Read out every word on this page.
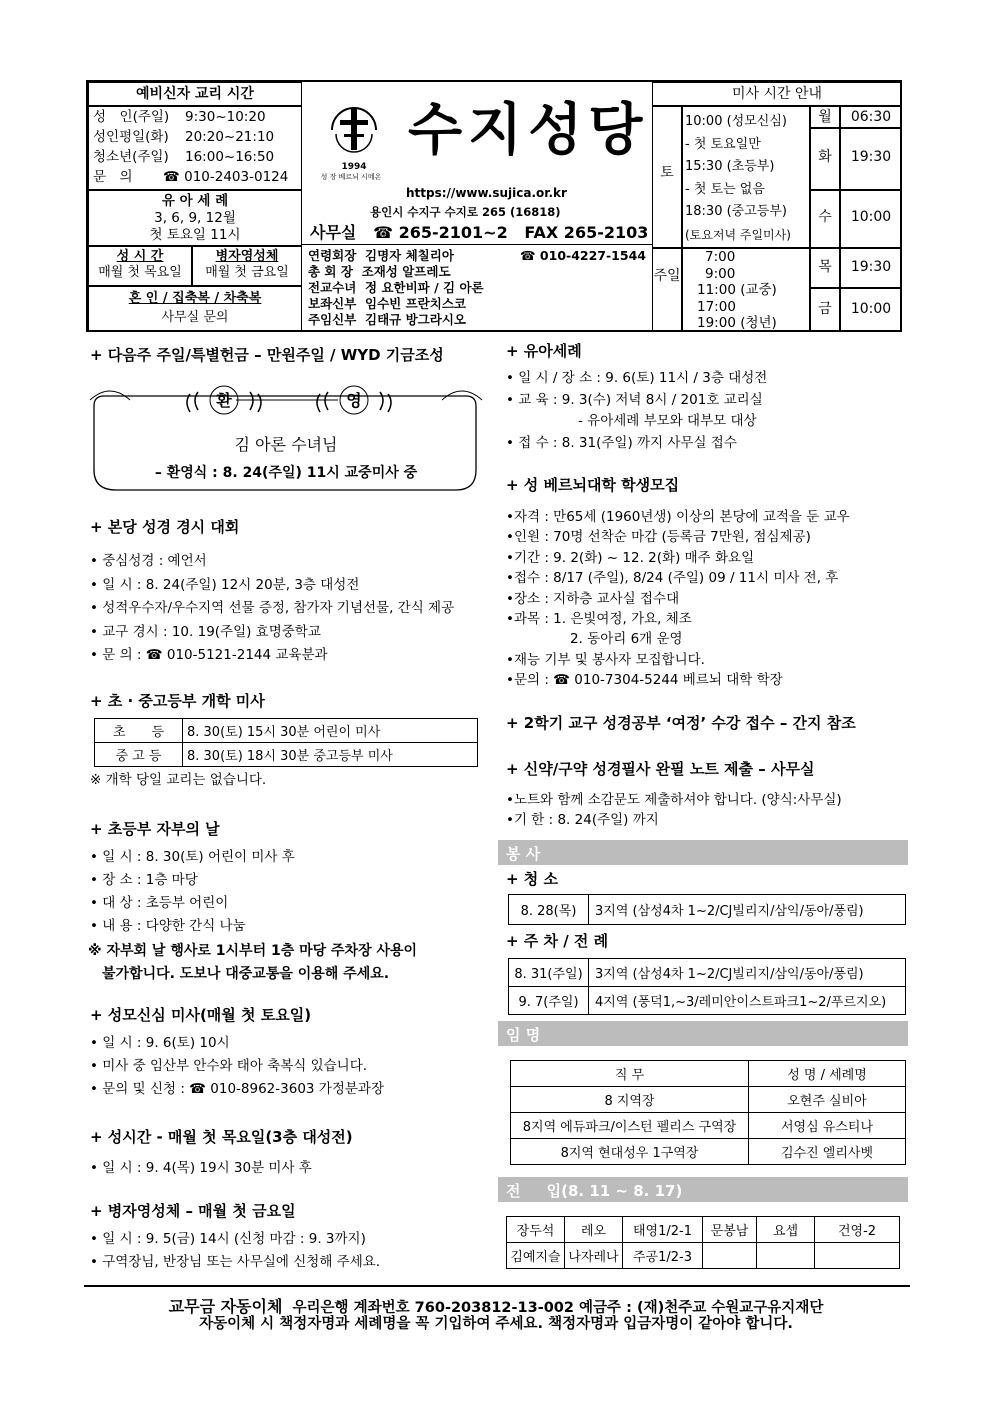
예비신자 교리 시간
성　인(주일)	9:30~10:20
성인평일(화)	20:20~21:10
청소년(주일)	16:00~16:50
문　의	☎ 010-2403-0124
유 아 세 례
3, 6, 9, 12월
첫 토요일 11시
성 시 간
매월 첫 목요일
병자영성체
매월 첫 금요일
혼 인 / 집축복 / 차축복
사무실 문의
1994
성 장 베르뇌 시메온
수지성당
https://www.sujica.or.kr
용인시 수지구 수지로 265 (16818)
사무실 ☎ 265-2101~2 FAX 265-2103
연령회장 김명자 체칠리아
총 회 장 조재성 알프레도
전교수녀 정 요한비파 / 김 아론
보좌신부 임수빈 프란치스코
주임신부 김태규 방그라시오
☎ 010-4227-1544
미사 시간 안내
토
10:00 (성모신심)
- 첫 토요일만
15:30 (초등부)
- 첫 토는 없음
18:30 (중고등부)
(토요저녁 주일미사)
주일
7:00
9:00
11:00 (교중)
17:00
19:00 (청년)
월	06:30
화	19:30
수	10:00
목	19:30
금	10:00
+ 다음주 주일/특별헌금 – 만원주일 / WYD 기금조성
환	영
김 아론 수녀님
– 환영식 : 8. 24(주일) 11시 교중미사 중
+ 본당 성경 경시 대회
• 중심성경 : 예언서
• 일 시 : 8. 24(주일) 12시 20분, 3층 대성전
• 성적우수자/우수지역 선물 증정, 참가자 기념선물, 간식 제공
• 교구 경시 : 10. 19(주일) 효명중학교
• 문 의 : ☎ 010-5121-2144 교육분과
+ 초 · 중고등부 개학 미사
초　　등	8. 30(토) 15시 30분 어린이 미사
중 고 등	8. 30(토) 18시 30분 중고등부 미사
※ 개학 당일 교리는 없습니다.
+ 초등부 자부의 날
• 일 시 : 8. 30(토) 어린이 미사 후
• 장 소 : 1층 마당
• 대 상 : 초등부 어린이
• 내 용 : 다양한 간식 나눔
※ 자부회 날 행사로 1시부터 1층 마당 주차장 사용이
불가합니다. 도보나 대중교통을 이용해 주세요.
+ 성모신심 미사(매월 첫 토요일)
• 일 시 : 9. 6(토) 10시
• 미사 중 임산부 안수와 태아 축복식 있습니다.
• 문의 및 신청 : ☎ 010-8962-3603 가정분과장
+ 성시간 - 매월 첫 목요일(3층 대성전)
• 일 시 : 9. 4(목) 19시 30분 미사 후
+ 병자영성체 – 매월 첫 금요일
• 일 시 : 9. 5(금) 14시 (신청 마감 : 9. 3까지)
• 구역장님, 반장님 또는 사무실에 신청해 주세요.
+ 유아세례
• 일 시 / 장 소 : 9. 6(토) 11시 / 3층 대성전
• 교 육 : 9. 3(수) 저녁 8시 / 201호 교리실
- 유아세례 부모와 대부모 대상
• 접 수 : 8. 31(주일) 까지 사무실 접수
+ 성 베르뇌대학 학생모집
•자격 : 만65세 (1960년생) 이상의 본당에 교적을 둔 교우
•인원 : 70명 선착순 마감 (등록금 7만원, 점심제공)
•기간 : 9. 2(화) ~ 12. 2(화) 매주 화요일
•접수 : 8/17 (주일), 8/24 (주일) 09 / 11시 미사 전, 후
•장소 : 지하층 교사실 접수대
•과목 : 1. 은빛여정, 가요, 체조
2. 동아리 6개 운영
•재능 기부 및 봉사자 모집합니다.
•문의 : ☎ 010-7304-5244 베르뇌 대학 학장
+ 2학기 교구 성경공부 ‘여정’ 수강 접수 – 간지 참조
+ 신약/구약 성경필사 완필 노트 제출 – 사무실
•노트와 함께 소감문도 제출하셔야 합니다. (양식:사무실)
•기 한 : 8. 24(주일) 까지
봉 사
+ 청 소
8. 28(목)	3지역 (삼성4차 1~2/CJ빌리지/삼익/동아/풍림)
+ 주 차 / 전 례
8. 31(주일)	3지역 (삼성4차 1~2/CJ빌리지/삼익/동아/풍림)
9. 7(주일)	4지역 (풍덕1,~3/레미안이스트파크1~2/푸르지오)
임 명
직 무	성 명 / 세례명
8 지역장	오현주 실비아
8지역 에듀파크/이스턴 펠리스 구역장	서영심 유스티나
8지역 현대성우 1구역장	김수진 엘리사벳
전 입(8. 11 ~ 8. 17)
장두석	레오	태영1/2-1	문봉남	요셉	건영-2
김예지슬	나자레나	주공1/2-3			
교무금 자동이체 우리은행 계좌번호 760-203812-13-002 예금주 : (재)천주교 수원교구유지재단
자동이체 시 책정자명과 세례명을 꼭 기입하여 주세요. 책정자명과 입금자명이 같아야 합니다.
